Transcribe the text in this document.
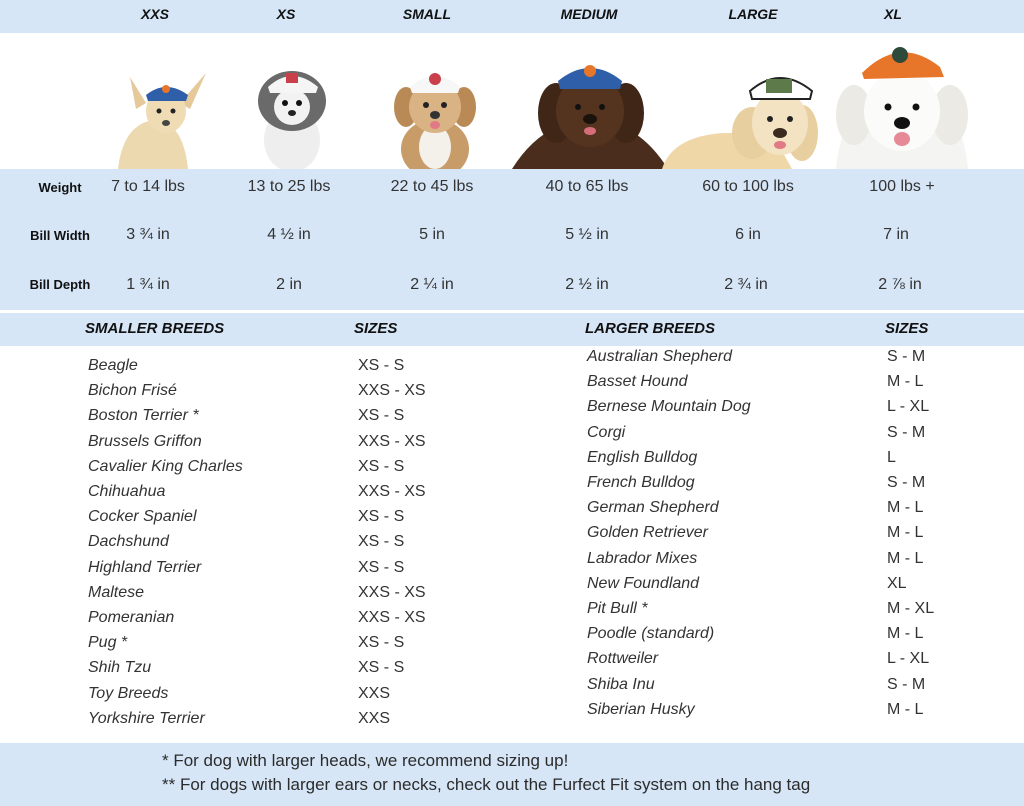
XXS	XS	SMALL	MEDIUM	LARGE	XL
Weight 7 to 14 lbs	13 to 25 lbs	22 to 45 lbs	40 to 65 lbs	60 to 100 lbs	100 lbs +
Bill Width 3 ¾ in	4 ½ in	5 in	5 ½ in	6 in	7 in
Bill Depth 1 ¾ in	2 in	2 ¼ in	2 ½ in	2 ¾ in	2 ⅞ in
SMALLER BREEDS	SIZES	LARGER BREEDS	SIZES
Beagle	XS - S
Bichon Frisé	XXS - XS
Boston Terrier *	XS - S
Brussels Griffon	XXS - XS
Cavalier King Charles	XS - S
Chihuahua	XXS - XS
Cocker Spaniel	XS - S
Dachshund	XS - S
Highland Terrier	XS - S
Maltese	XXS - XS
Pomeranian	XXS - XS
Pug *	XS - S
Shih Tzu	XS - S
Toy Breeds	XXS
Yorkshire Terrier	XXS
Australian Shepherd	S - M
Basset Hound	M - L
Bernese Mountain Dog	L - XL
Corgi	S - M
English Bulldog	L
French Bulldog	S - M
German Shepherd	M - L
Golden Retriever	M - L
Labrador Mixes	M - L
New Foundland	XL
Pit Bull *	M - XL
Poodle (standard)	M - L
Rottweiler	L - XL
Shiba Inu	S - M
Siberian Husky	M - L
* For dog with larger heads, we recommend sizing up!
** For dogs with larger ears or necks, check out the Furfect Fit system on the hang tag
